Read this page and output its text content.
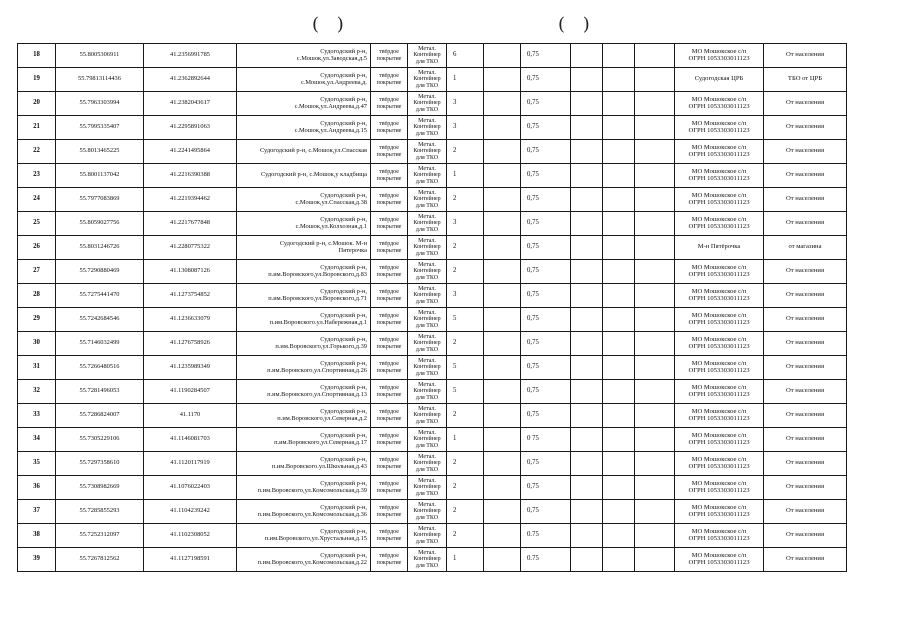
( )	( )
18	55.8005306911	41.2356991785	Судогодский р-н,
с.Мошок,ул.Заводская,д.5	твёрдое
покрытие	Метал.
Контейнер
для ТКО	6		0,75				МО Мошокское с/п
ОГРН 1053303011123	От населения
19	55.79813114436	41.2362892644	Судогодский р-н,
с.Мошок,ул.Андреева,д.	твёрдое
покрытие	Метал.
Контейнер
для ТКО	1		0,75				Судогодская ЦРБ	ТБО от ЦРБ
20	55.7963303994	41.2382043617	Судогодский р-н,
с.Мошок,ул.Андреева,д.47	твёрдое
покрытие	Метал.
Контейнер
для ТКО	3		0,75				МО Мошокское с/п
ОГРН 1053303011123	От населения
21	55.7995335407	41.2295891063	Судогодский р-н,
с.Мошок,ул.Андреева,д.15	твёрдое
покрытие	Метал.
Контейнер
для ТКО	3		0,75				МО Мошокское с/п
ОГРН 1053303011123	От населения
22	55.8013465225	41.2241495864	Судогодский р-н, с.Мошок,ул.Спасская	твёрдое
покрытие	Метал.
Контейнер
для ТКО	2		0,75				МО Мошокское с/п
ОГРН 1053303011123	От населения
23	55.8001137042	41.2216390388	Судогодский р-н, с.Мошок,у кладбища	твёрдое
покрытие	Метал.
Контейнер
для ТКО	1		0,75				МО Мошокское с/п
ОГРН 1053303011123	От населения
24	55.7977083869	41.2219394462	Судогодский р-н,
с.Мошок,ул.Спасская,д.38	твёрдое
покрытие	Метал.
Контейнер
для ТКО	2		0,75				МО Мошокское с/п
ОГРН 1053303011123	От населения
25	55.8059027756	41.2217677848	Судогодский р-н,
с.Мошок,ул.Колхозная,д.1	твёрдое
покрытие	Метал.
Контейнер
для ТКО	3		0,75				МО Мошокское с/п
ОГРН 1053303011123	От населения
26	55.8031246726	41.2280775322	Судогодский р-н, с.Мошок. М-н
Пятерочка	твёрдое
покрытие	Метал.
Контейнер
для ТКО	2		0,75				М-н Пятёрочка	от магазина
27	55.7290880469	41.1308087126	Судогодский р-н,
п.им.Воровского,ул.Воровского,д.83	твёрдое
покрытие	Метал.
Контейнер
для ТКО	2		0,75				МО Мошокское с/п
ОГРН 1053303011123	От населения
28	55.7275441470	41.1273754852	Судогодский р-н,
п.им.Воровского,ул.Воровского,д.71	твёрдое
покрытие	Метал.
Контейнер
для ТКО	3		0,75				МО Мошокское с/п
ОГРН 1053303011123	От населения
29	55.7242684546	41.1236633079	Судогодский р-н,
п.им.Воровского.ул.Набережная,д.1	твёрдое
покрытие	Метал.
Контейнер
для ТКО	5		0,75				МО Мошокское с/п
ОГРН 1053303011123	От населения
30	55.7146032499	41.1276758926	Судогодский р-н,
п.им.Воровского,ул.Горького,д.39	твёрдое
покрытие	Метал.
Контейнер
для ТКО	2		0,75				МО Мошокское с/п
ОГРН 1053303011123	От населения
31	55.7266480516	41.1235989349	Судогодский р-н,
п.им.Воровского,ул.Спортивная,д.26	твёрдое
покрытие	Метал.
Контейнер
для ТКО	5		0,75				МО Мошокское с/п
ОГРН 1053303011123	От населения
32	55.7281496053	41.1190284507	Судогодский р-н,
п.им.Воровского,ул.Спортивная,д.13	твёрдое
покрытие	Метал.
Контейнер
для ТКО	5		0,75				МО Мошокское с/п
ОГРН 1053303011123	От населения
33	55.7286824007	41.1170	Судогодский р-н,
п.им.Воровского,ул.Северная,д.2	твёрдое
покрытие	Метал.
Контейнер
для ТКО	2		0,75				МО Мошокское с/п
ОГРН 1053303011123	От населения
34	55.7305229106	41.1146081703	Судогодский р-н,
п.им.Воровского,ул.Северная,д.17	твёрдое
покрытие	Метал.
Контейнер
для ТКО	1		0 75				МО Мошокское с/п
ОГРН 1053303011123	От населения
35	55.7297358610	41.1120117919	Судогодский р-н,
п.им.Воровского.ул.Школьная,д.43	твёрдое
покрытие	Метал.
Контейнер
для ТКО	2		0,75				МО Мошокское с/п
ОГРН 1053303011123	От населения
36	55.7308982669	41.1076022403	Судогодский р-н,
п.им.Воровского,ул.Комсомольская,д.39	твёрдое
покрытие	Метал.
Контейнер
для ТКО	2		0,75				МО Мошокское с/п
ОГРН 1053303011123	От населения
37	55.7285855293	41.1104239242	Судогодский р-н,
п.им.Воровского,ул.Комсомольская,д.36	твёрдое
покрытие	Метал.
Контейнер
для ТКО	2		0,75				МО Мошокское с/п
ОГРН 1053303011123	От населения
38	55.7252312097	41.1102308052	Судогодский р-н,
п.им.Воровского,ул.Хрустальная,д.15	твёрдое
покрытие	Метал.
Контейнер
для ТКО	2		0.75				МО Мошокское с/п
ОГРН 1053303011123	От населения
39	55.7267812562	41.1127198591	Судогодский р-н,
п.им.Воровского,ул.Комсомольская,д.22	твёрдое
покрытие	Метал.
Контейнер
для ТКО	1		0.75				МО Мошокское с/п
ОГРН 1053303011123	От населения
